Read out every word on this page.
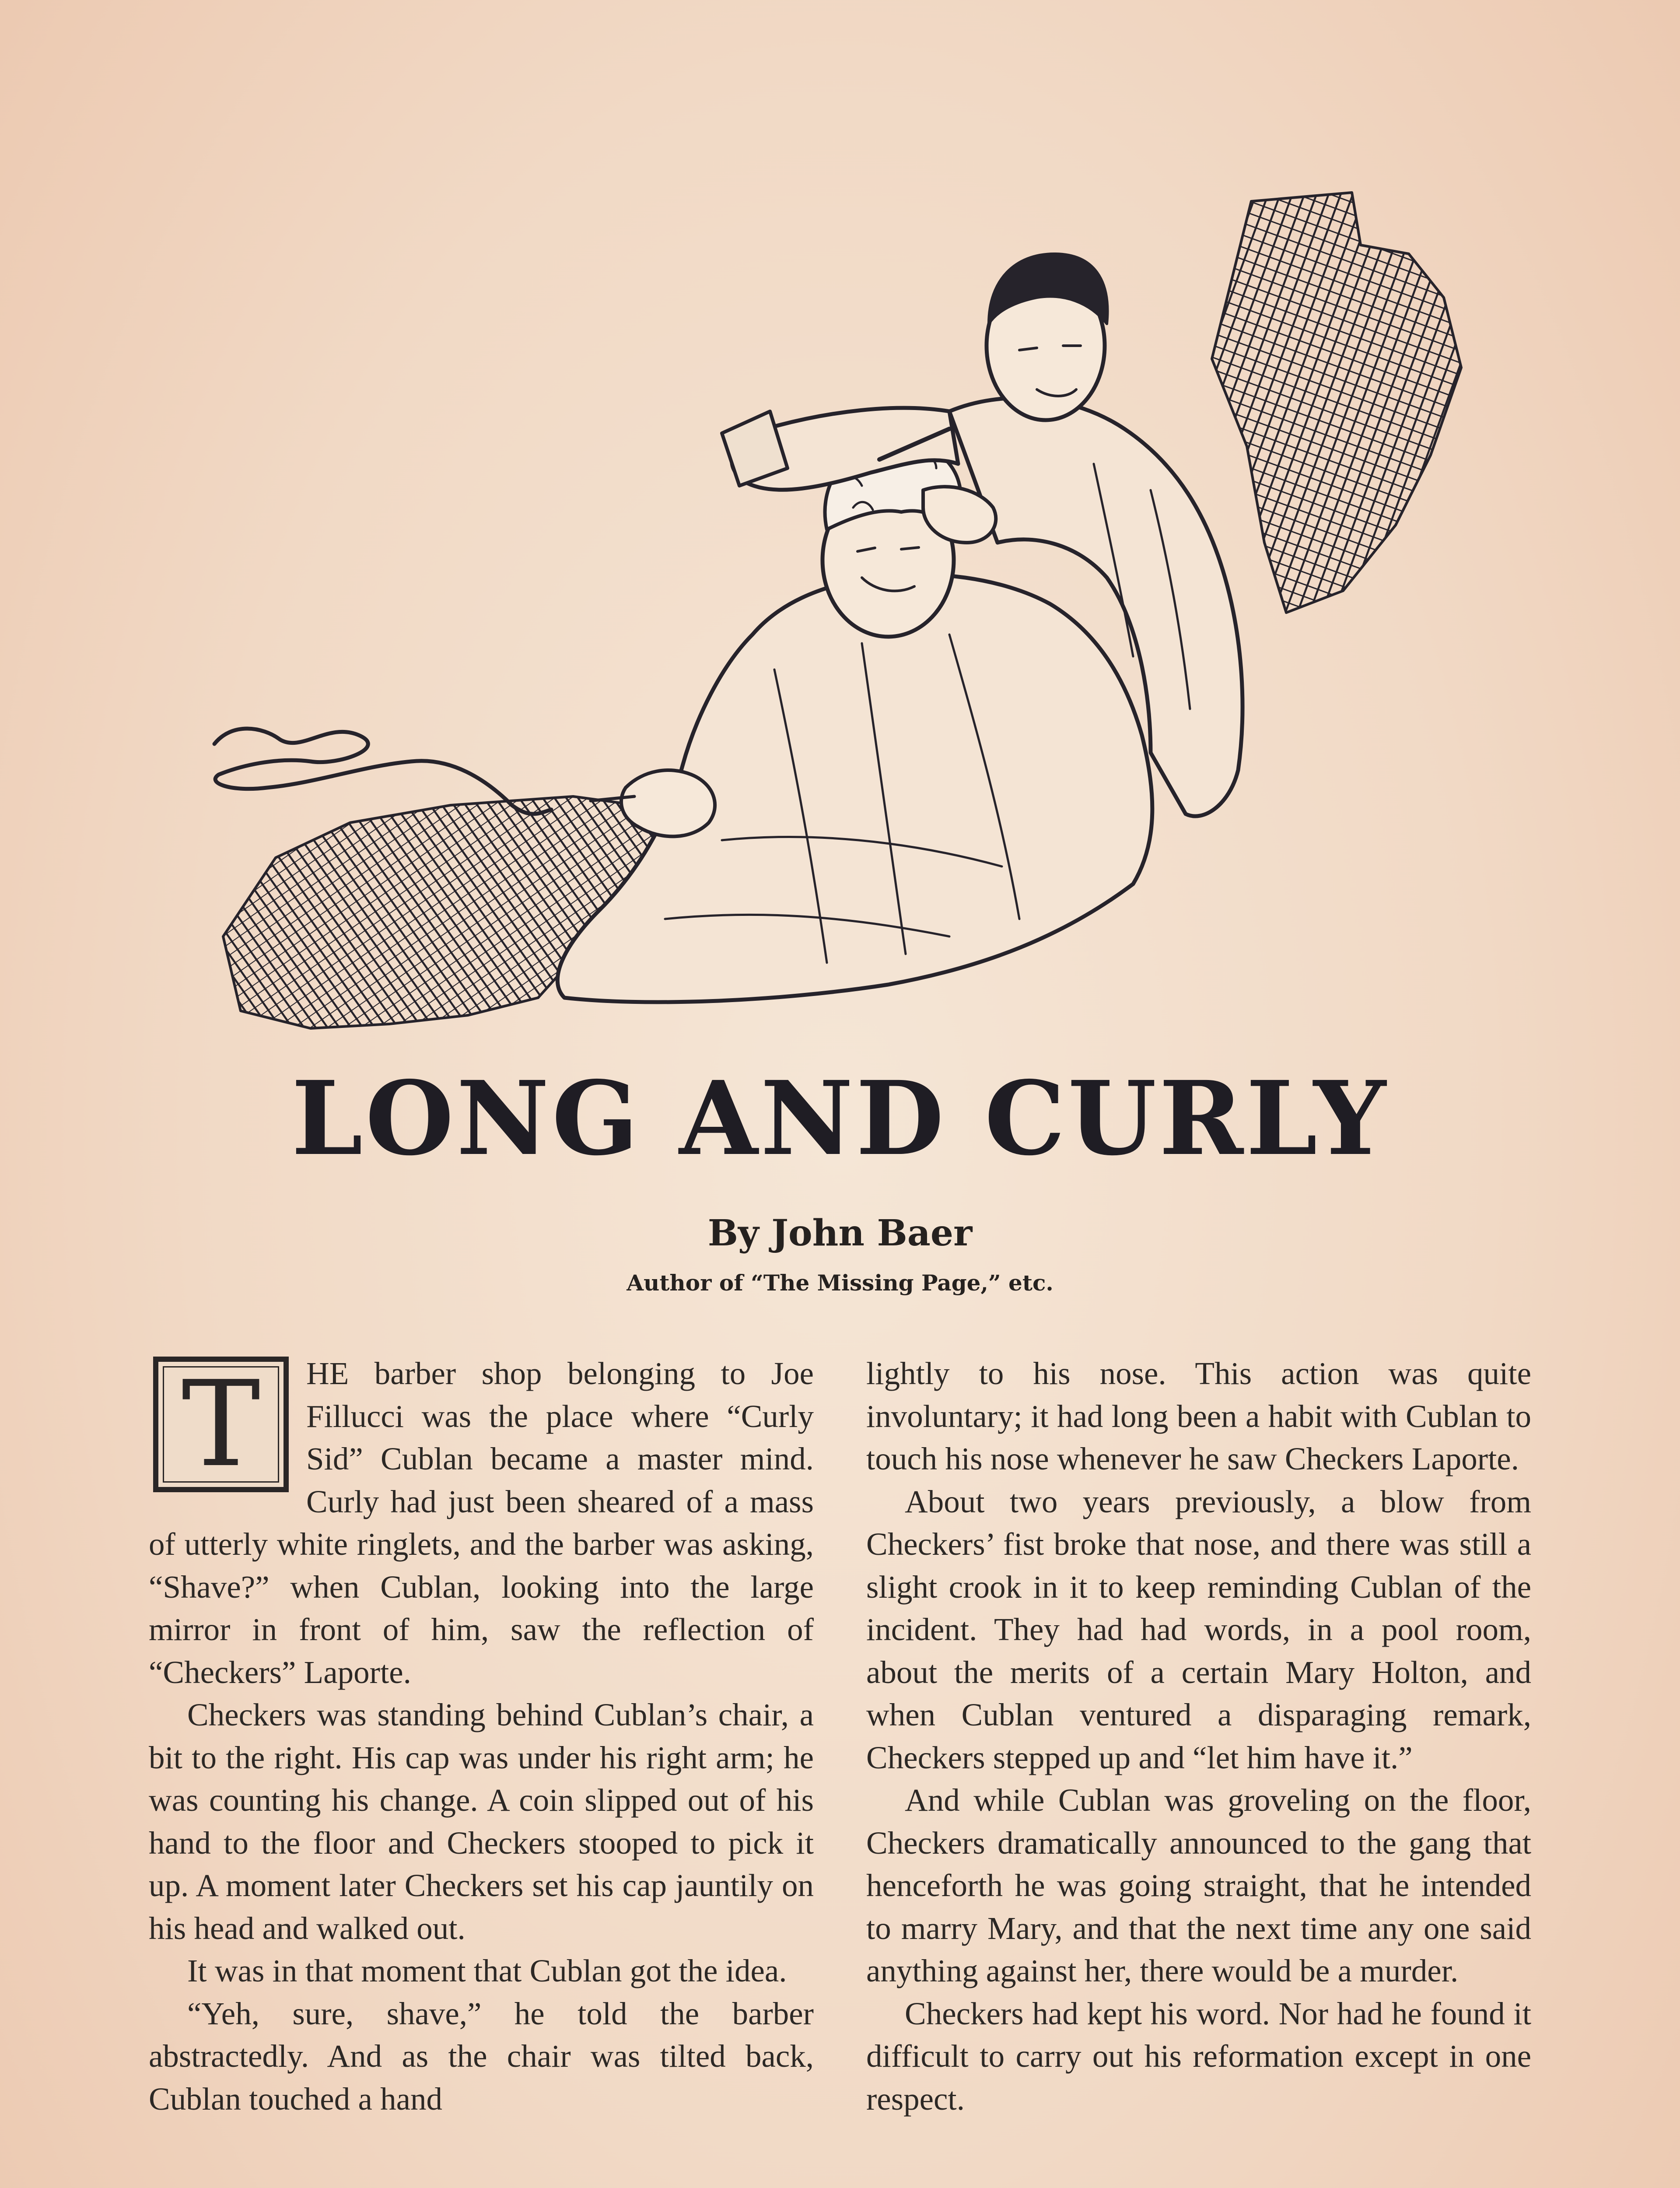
LONG AND CURLY
By John Baer
Author of “The Missing Page,” etc.

T	HE barber shop belonging to Joe Fillucci was the place where “Curly Sid” Cublan became a master mind. Curly had just been sheared of a mass of utterly white ringlets, and the barber was asking, “Shave?” when Cublan, looking into the large mirror in front of him, saw the reflection of “Checkers” Laporte.

Checkers was standing behind Cublan’s chair, a bit to the right. His cap was under his right arm; he was counting his change. A coin slipped out of his hand to the floor and Checkers stooped to pick it up. A moment later Checkers set his cap jauntily on his head and walked out.

It was in that moment that Cublan got the idea.

“Yeh, sure, shave,” he told the barber abstractedly. And as the chair was tilted back, Cublan touched a hand

lightly to his nose. This action was quite involuntary; it had long been a habit with Cublan to touch his nose whenever he saw Checkers Laporte.

About two years previously, a blow from Checkers’ fist broke that nose, and there was still a slight crook in it to keep reminding Cublan of the incident. They had had words, in a pool room, about the merits of a certain Mary Holton, and when Cublan ventured a disparaging remark, Checkers stepped up and “let him have it.”

And while Cublan was groveling on the floor, Checkers dramatically announced to the gang that henceforth he was going straight, that he intended to marry Mary, and that the next time any one said anything against her, there would be a murder.

Checkers had kept his word. Nor had he found it difficult to carry out his reformation except in one respect.
